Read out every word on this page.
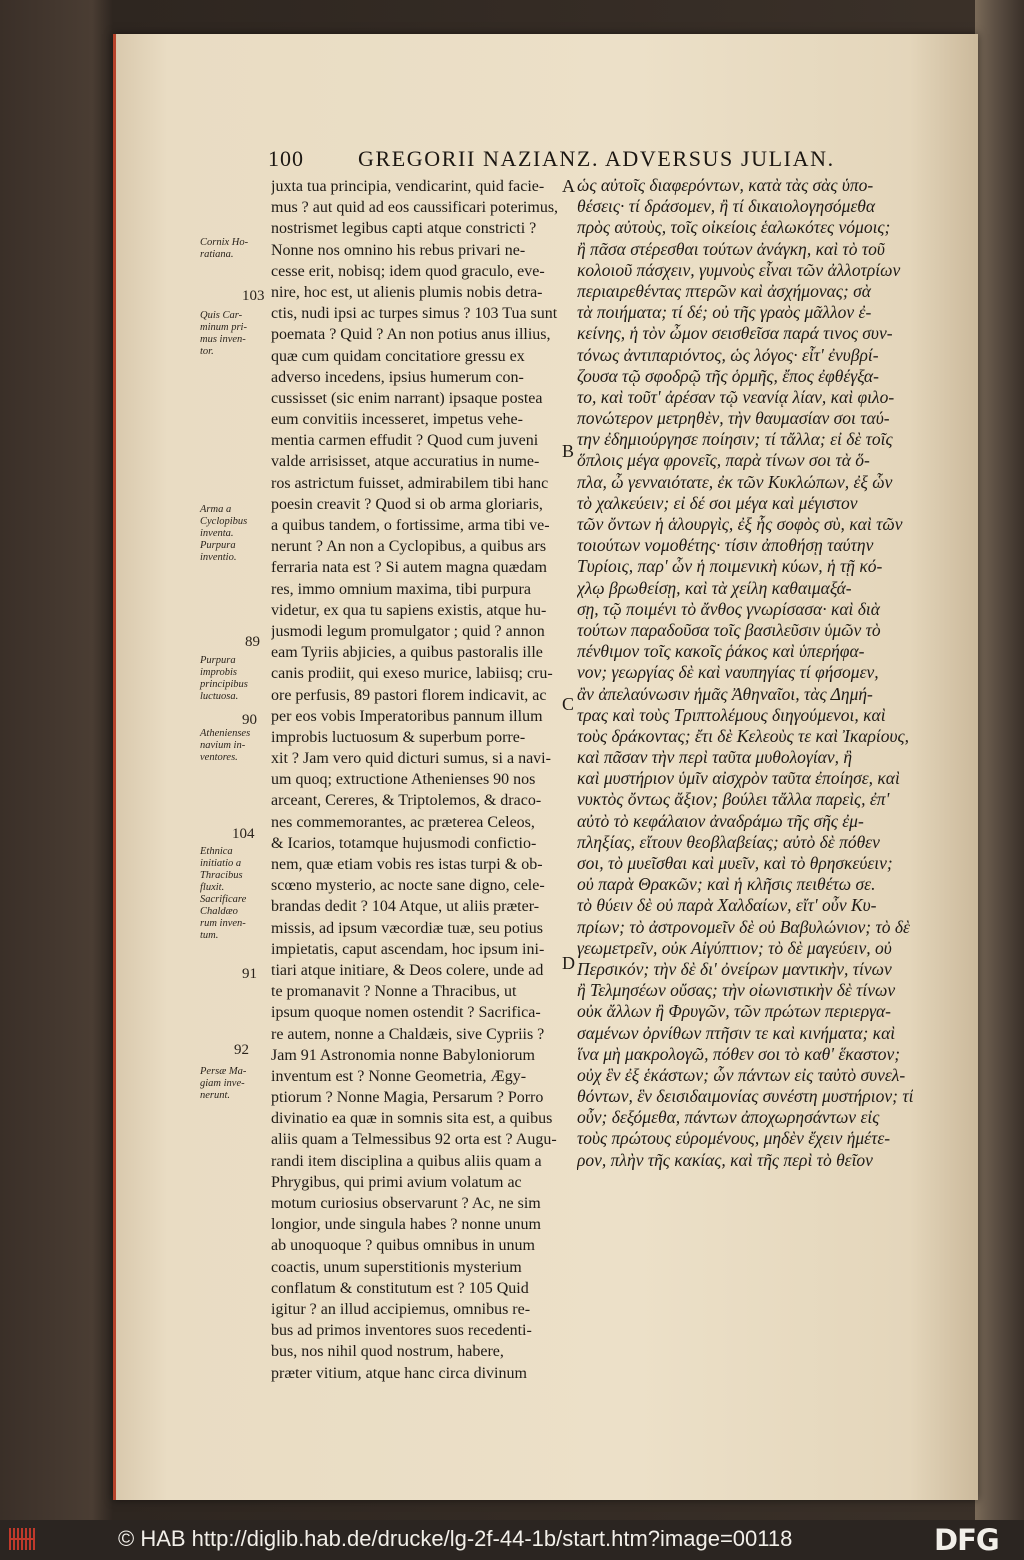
100 GREGORII NAZIANZ. ADVERSUS JULIAN.
juxta tua principia, vendicarint, quid facie-
mus ? aut quid ad eos caussificari poterimus,
nostrismet legibus capti atque constricti ?
Nonne nos omnino his rebus privari ne-
cesse erit, nobisq; idem quod graculo, eve-
nire, hoc est, ut alienis plumis nobis detra-
ctis, nudi ipsi ac turpes simus ? 103 Tua sunt
poemata ? Quid ? An non potius anus illius,
quæ cum quidam concitatiore gressu ex
adverso incedens, ipsius humerum con-
cussisset (sic enim narrant) ipsaque postea
eum convitiis incesseret, impetus vehe-
mentia carmen effudit ? Quod cum juveni
valde arrisisset, atque accuratius in nume-
ros astrictum fuisset, admirabilem tibi hanc
poesin creavit ? Quod si ob arma gloriaris,
a quibus tandem, o fortissime, arma tibi ve-
nerunt ? An non a Cyclopibus, a quibus ars
ferraria nata est ? Si autem magna quædam
res, immo omnium maxima, tibi purpura
videtur, ex qua tu sapiens existis, atque hu-
jusmodi legum promulgator ; quid ? annon
eam Tyriis abjicies, a quibus pastoralis ille
canis prodiit, qui exeso murice, labiisq; cru-
ore perfusis, 89 pastori florem indicavit, ac
per eos vobis Imperatoribus pannum illum
improbis luctuosum & superbum porre-
xit ? Jam vero quid dicturi sumus, si a navi-
um quoq; extructione Athenienses 90 nos
arceant, Cereres, & Triptolemos, & draco-
nes commemorantes, ac præterea Celeos,
& Icarios, totamque hujusmodi confictio-
nem, quæ etiam vobis res istas turpi & ob-
scœno mysterio, ac nocte sane digno, cele-
brandas dedit ? 104 Atque, ut aliis præter-
missis, ad ipsum væcordiæ tuæ, seu potius
impietatis, caput ascendam, hoc ipsum ini-
tiari atque initiare, & Deos colere, unde ad
te promanavit ? Nonne a Thracibus, ut
ipsum quoque nomen ostendit ? Sacrifica-
re autem, nonne a Chaldæis, sive Cypriis ?
Jam 91 Astronomia nonne Babyloniorum
inventum est ? Nonne Geometria, Ægy-
ptiorum ? Nonne Magia, Persarum ? Porro
divinatio ea quæ in somnis sita est, a quibus
aliis quam a Telmessibus 92 orta est ? Augu-
randi item disciplina a quibus aliis quam a
Phrygibus, qui primi avium volatum ac
motum curiosius observarunt ? Ac, ne sim
longior, unde singula habes ? nonne unum
ab unoquoque ? quibus omnibus in unum
coactis, unum superstitionis mysterium
conflatum & constitutum est ? 105 Quid
igitur ? an illud accipiemus, omnibus re-
bus ad primos inventores suos recedenti-
bus, nos nihil quod nostrum, habere,
præter vitium, atque hanc circa divinum
ὡς αὐτοῖς διαφερόντων, κατὰ τὰς σὰς ὑπο-
θέσεις· τί δράσομεν, ἢ τί δικαιολογησόμεθα
πρὸς αὐτοὺς, τοῖς οἰκείοις ἑαλωκότες νόμοις;
ἢ πᾶσα στέρεσθαι τούτων ἀνάγκη, καὶ τὸ τοῦ
κολοιοῦ πάσχειν, γυμνοὺς εἶναι τῶν ἀλλοτρίων
περιαιρεθέντας πτερῶν καὶ ἀσχήμονας; σὰ
τὰ ποιήματα; τί δέ; οὐ τῆς γραὸς μᾶλλον ἐ-
κείνης, ἡ τὸν ὦμον σεισθεῖσα παρά τινος συν-
τόνως ἀντιπαριόντος, ὡς λόγος· εἶτ' ἐνυβρί-
ζουσα τῷ σφοδρῷ τῆς ὁρμῆς, ἔπος ἐφθέγξα-
το, καὶ τοῦτ' ἀρέσαν τῷ νεανίᾳ λίαν, καὶ φιλο-
πονώτερον μετρηθὲν, τὴν θαυμασίαν σοι ταύ-
την ἐδημιούργησε ποίησιν; τί τἄλλα; εἰ δὲ τοῖς
ὅπλοις μέγα φρονεῖς, παρὰ τίνων σοι τὰ ὅ-
πλα, ὦ γενναιότατε, ἐκ τῶν Κυκλώπων, ἐξ ὧν
τὸ χαλκεύειν; εἰ δέ σοι μέγα καὶ μέγιστον
τῶν ὄντων ἡ ἁλουργὶς, ἐξ ἧς σοφὸς σὺ, καὶ τῶν
τοιούτων νομοθέτης· τίσιν ἀποθήσῃ ταύτην
Τυρίοις, παρ' ὧν ἡ ποιμενικὴ κύων, ἡ τῇ κό-
χλῳ βρωθείσῃ, καὶ τὰ χείλη καθαιμαξά-
σῃ, τῷ ποιμένι τὸ ἄνθος γνωρίσασα· καὶ διὰ
τούτων παραδοῦσα τοῖς βασιλεῦσιν ὑμῶν τὸ
πένθιμον τοῖς κακοῖς ῥάκος καὶ ὑπερήφα-
νον; γεωργίας δὲ καὶ ναυπηγίας τί φήσομεν,
ἂν ἀπελαύνωσιν ἡμᾶς Ἀθηναῖοι, τὰς Δημή-
τρας καὶ τοὺς Τριπτολέμους διηγούμενοι, καὶ
τοὺς δράκοντας; ἔτι δὲ Κελεοὺς τε καὶ Ἰκαρίους,
καὶ πᾶσαν τὴν περὶ ταῦτα μυθολογίαν, ἣ
καὶ μυστήριον ὑμῖν αἰσχρὸν ταῦτα ἐποίησε, καὶ
νυκτὸς ὄντως ἄξιον; βούλει τἄλλα παρεὶς, ἐπ'
αὐτὸ τὸ κεφάλαιον ἀναδράμω τῆς σῆς ἐμ-
πληξίας, εἴτουν θεοβλαβείας; αὐτὸ δὲ πόθεν
σοι, τὸ μυεῖσθαι καὶ μυεῖν, καὶ τὸ θρησκεύειν;
οὐ παρὰ Θρακῶν; καὶ ἡ κλῆσις πειθέτω σε.
τὸ θύειν δὲ οὐ παρὰ Χαλδαίων, εἴτ' οὖν Κυ-
πρίων; τὸ ἀστρονομεῖν δὲ οὐ Βαβυλώνιον; τὸ δὲ
γεωμετρεῖν, οὐκ Αἰγύπτιον; τὸ δὲ μαγεύειν, οὐ
Περσικόν; τὴν δὲ δι' ὀνείρων μαντικὴν, τίνων
ἢ Τελμησέων οὔσας; τὴν οἰωνιστικὴν δὲ τίνων
οὐκ ἄλλων ἢ Φρυγῶν, τῶν πρώτων περιεργα-
σαμένων ὀρνίθων πτῆσιν τε καὶ κινήματα; καὶ
ἵνα μὴ μακρολογῶ, πόθεν σοι τὸ καθ' ἕκαστον;
οὐχ ἓν ἐξ ἑκάστων; ὧν πάντων εἰς ταὐτὸ συνελ-
θόντων, ἓν δεισιδαιμονίας συνέστη μυστήριον; τί
οὖν; δεξόμεθα, πάντων ἀποχωρησάντων εἰς
τοὺς πρώτους εὑρομένους, μηδὲν ἔχειν ἡμέτε-
ρον, πλὴν τῆς κακίας, καὶ τῆς περὶ τὸ θεῖον
Cornix Ho-
ratiana.
Quis Car-
minum pri-
mus inven-
tor.
Arma a
Cyclopibus
inventa.
Purpura
inventio.
Purpura
improbis
principibus
luctuosa.
Athenienses
navium in-
ventores.
Ethnica
initiatio a
Thracibus
fluxit.
Sacrificare
Chaldæo
rum inven-
tum.
Persæ Ma-
giam inve-
nerunt.
103
89
90
104
91
92
A
B
C
D
© HAB http://diglib.hab.de/drucke/lg-2f-44-1b/start.htm?image=00118	DFG
